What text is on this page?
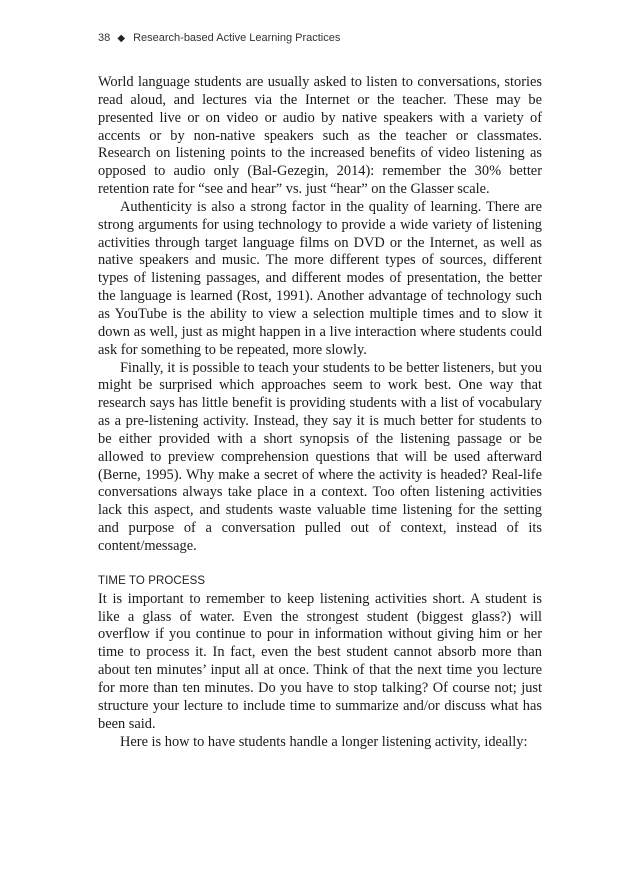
38 ◆ Research-based Active Learning Practices

World language students are usually asked to listen to conversations, stories read aloud, and lectures via the Internet or the teacher. These may be presented live or on video or audio by native speakers with a variety of accents or by non-native speakers such as the teacher or classmates. Research on listening points to the increased benefits of video listening as opposed to audio only (Bal-Gezegin, 2014): remember the 30% better retention rate for “see and hear” vs. just “hear” on the Glasser scale.

Authenticity is also a strong factor in the quality of learning. There are strong arguments for using technology to provide a wide variety of listening activities through target language films on DVD or the Internet, as well as native speakers and music. The more different types of sources, different types of listening passages, and different modes of presentation, the better the language is learned (Rost, 1991). Another advantage of technology such as YouTube is the ability to view a selection multiple times and to slow it down as well, just as might happen in a live interaction where students could ask for something to be repeated, more slowly.

Finally, it is possible to teach your students to be better listeners, but you might be surprised which approaches seem to work best. One way that research says has little benefit is providing students with a list of vocabulary as a pre-listening activity. Instead, they say it is much better for students to be either provided with a short synopsis of the listening passage or be allowed to preview comprehension questions that will be used afterward (Berne, 1995). Why make a secret of where the activity is headed? Real-life conversations always take place in a context. Too often listening activities lack this aspect, and students waste valuable time listening for the setting and purpose of a conversation pulled out of context, instead of its content/message.

TIME TO PROCESS

It is important to remember to keep listening activities short. A student is like a glass of water. Even the strongest student (biggest glass?) will overflow if you continue to pour in information without giving him or her time to process it. In fact, even the best student cannot absorb more than about ten minutes’ input all at once. Think of that the next time you lecture for more than ten minutes. Do you have to stop talking? Of course not; just structure your lecture to include time to summarize and/or discuss what has been said.

Here is how to have students handle a longer listening activity, ideally:
